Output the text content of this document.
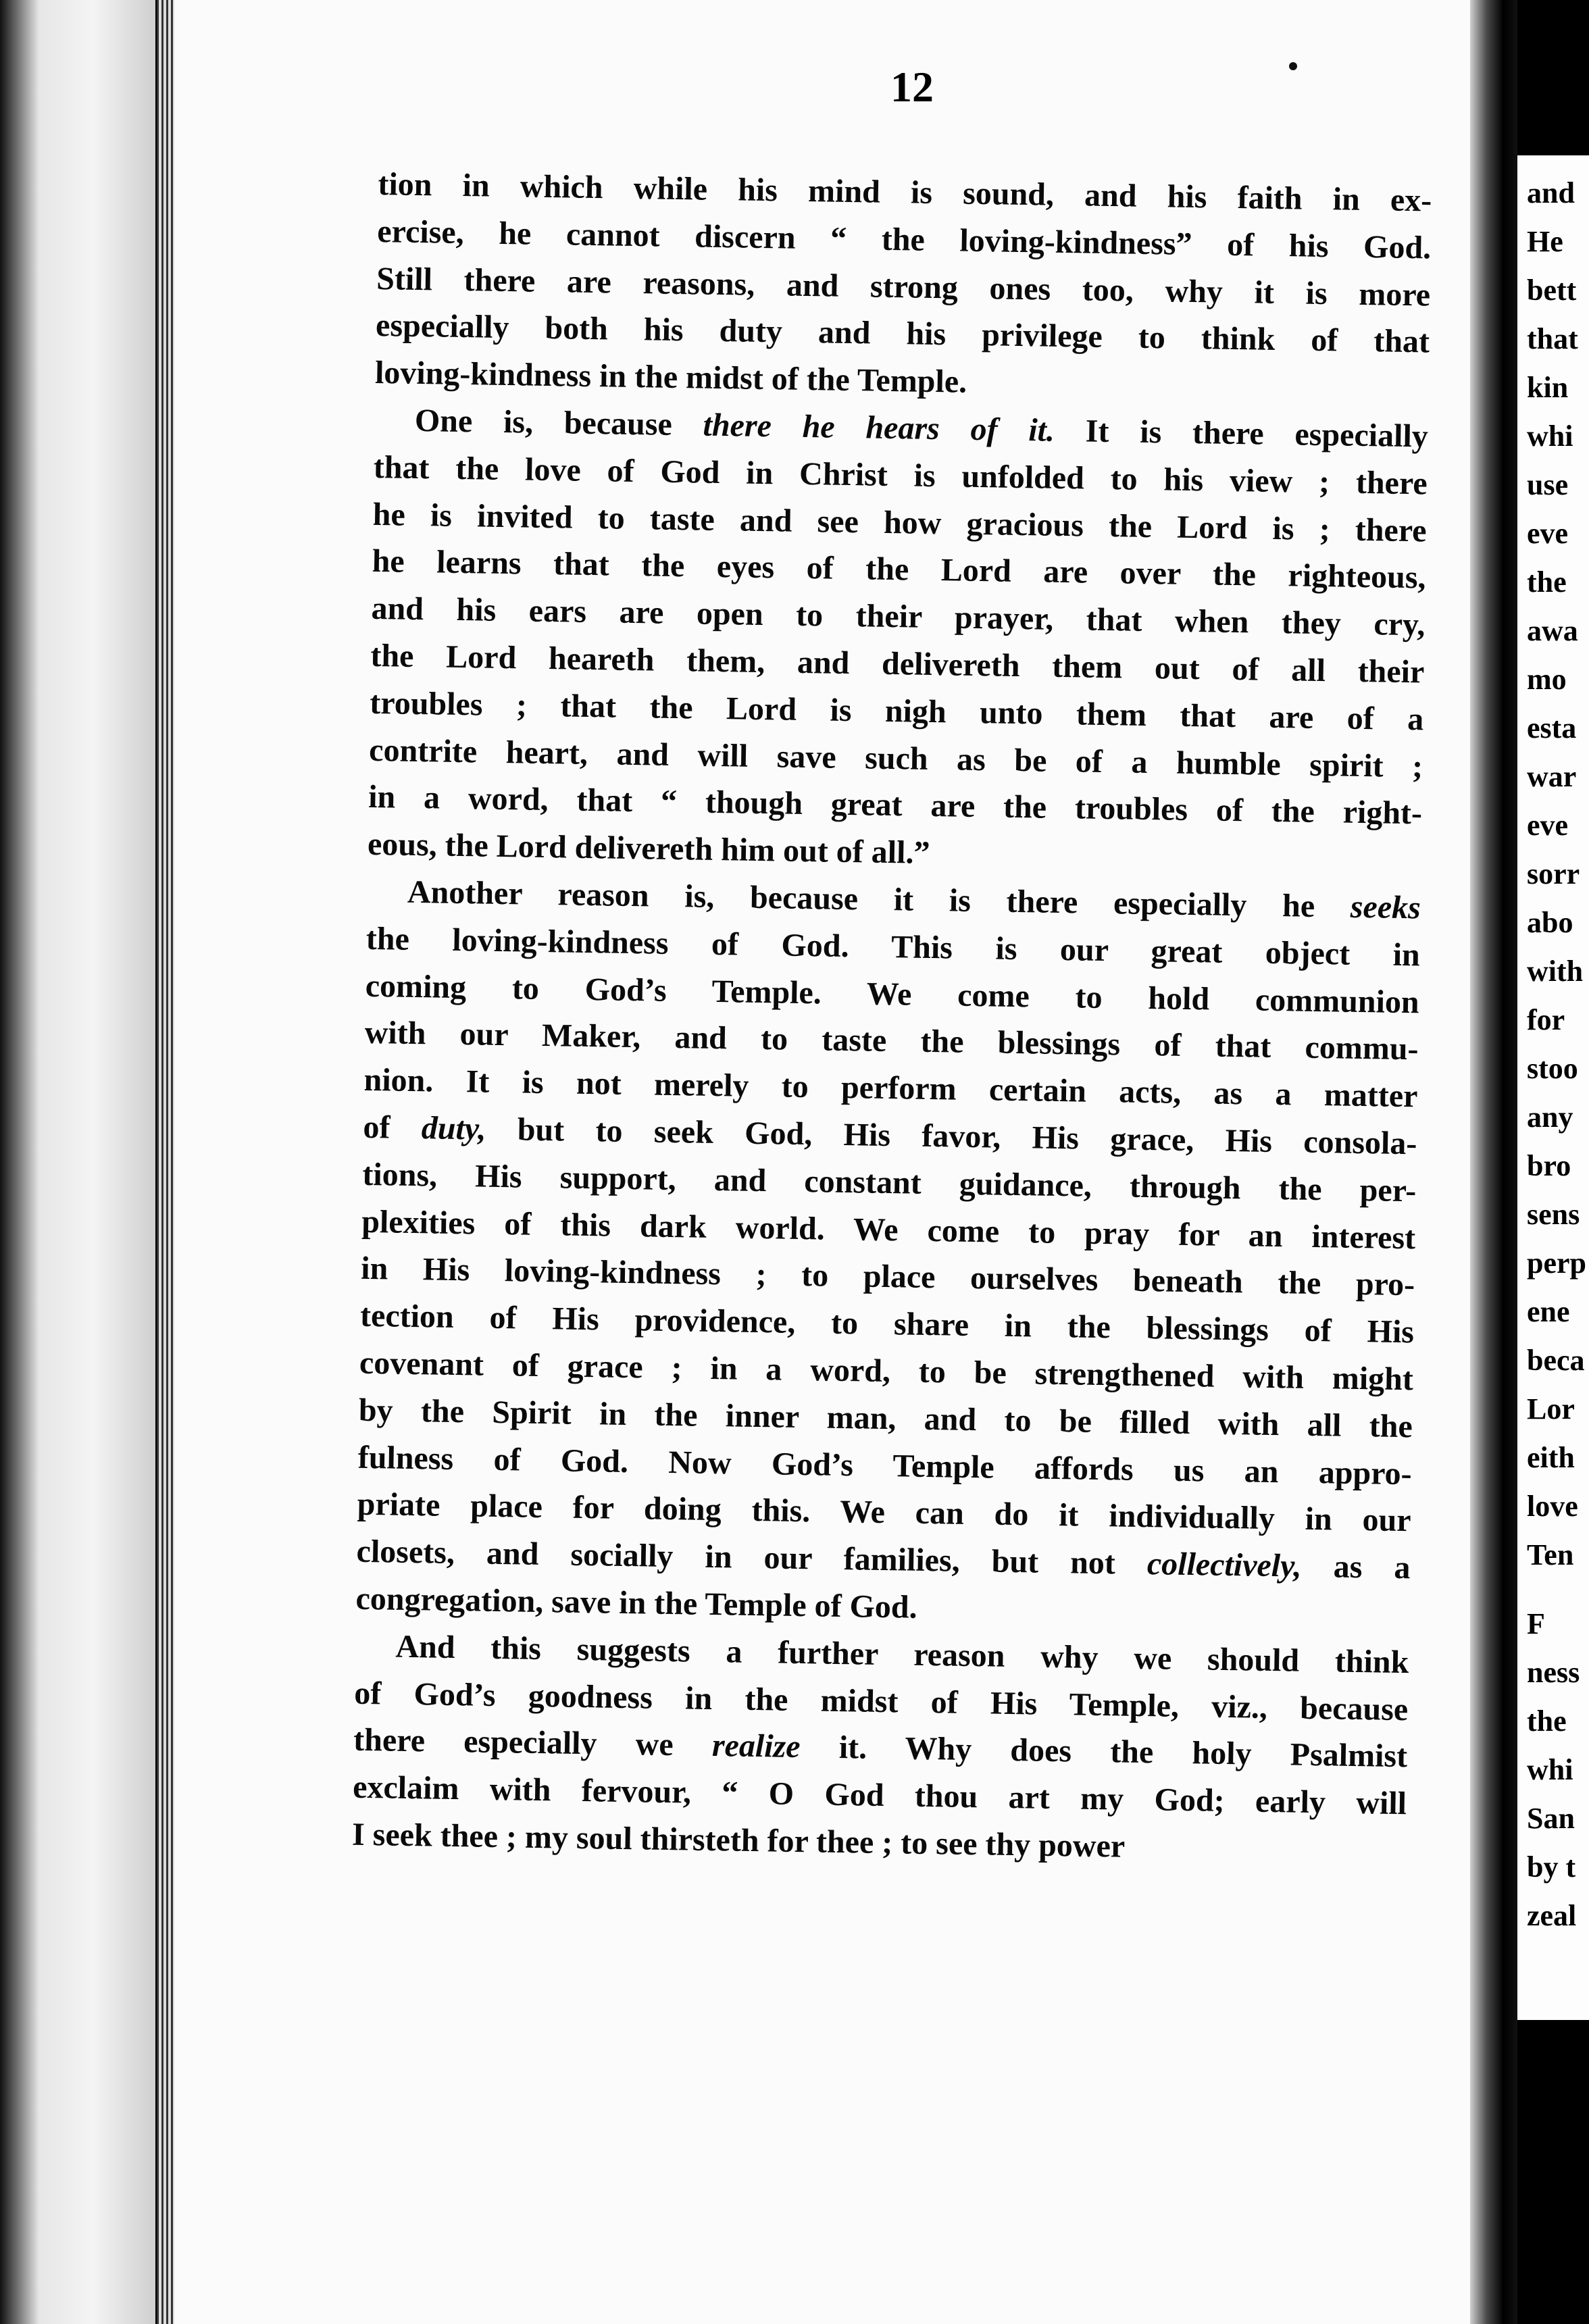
and
He
bett
that
kin
whi
use
eve
the
awa
mo
esta
war
eve
sorr
abo
with
for
stoo
any
bro
sens
perp
ene
beca
Lor
eith
love
Ten
F
ness
the
whi
San
by t
zeal
12
tion in which while his mind is sound, and his faith in ex-
ercise, he cannot discern “ the loving-kindness” of his God.
Still there are reasons, and strong ones too, why it is more
especially both his duty and his privilege to think of that
loving-kindness in the midst of the Temple.
One is, because there he hears of it. It is there especially
that the love of God in Christ is unfolded to his view ; there
he is invited to taste and see how gracious the Lord is ; there
he learns that the eyes of the Lord are over the righteous,
and his ears are open to their prayer, that when they cry,
the Lord heareth them, and delivereth them out of all their
troubles ; that the Lord is nigh unto them that are of a
contrite heart, and will save such as be of a humble spirit ;
in a word, that “ though great are the troubles of the right-
eous, the Lord delivereth him out of all.”
Another reason is, because it is there especially he seeks
the loving-kindness of God. This is our great object in
coming to God’s Temple. We come to hold communion
with our Maker, and to taste the blessings of that commu-
nion. It is not merely to perform certain acts, as a matter
of duty, but to seek God, His favor, His grace, His consola-
tions, His support, and constant guidance, through the per-
plexities of this dark world. We come to pray for an interest
in His loving-kindness ; to place ourselves beneath the pro-
tection of His providence, to share in the blessings of His
covenant of grace ; in a word, to be strengthened with might
by the Spirit in the inner man, and to be filled with all the
fulness of God. Now God’s Temple affords us an appro-
priate place for doing this. We can do it individually in our
closets, and socially in our families, but not collectively, as a
congregation, save in the Temple of God.
And this suggests a further reason why we should think
of God’s goodness in the midst of His Temple, viz., because
there especially we realize it. Why does the holy Psalmist
exclaim with fervour, “ O God thou art my God; early will
I seek thee ; my soul thirsteth for thee ; to see thy power
